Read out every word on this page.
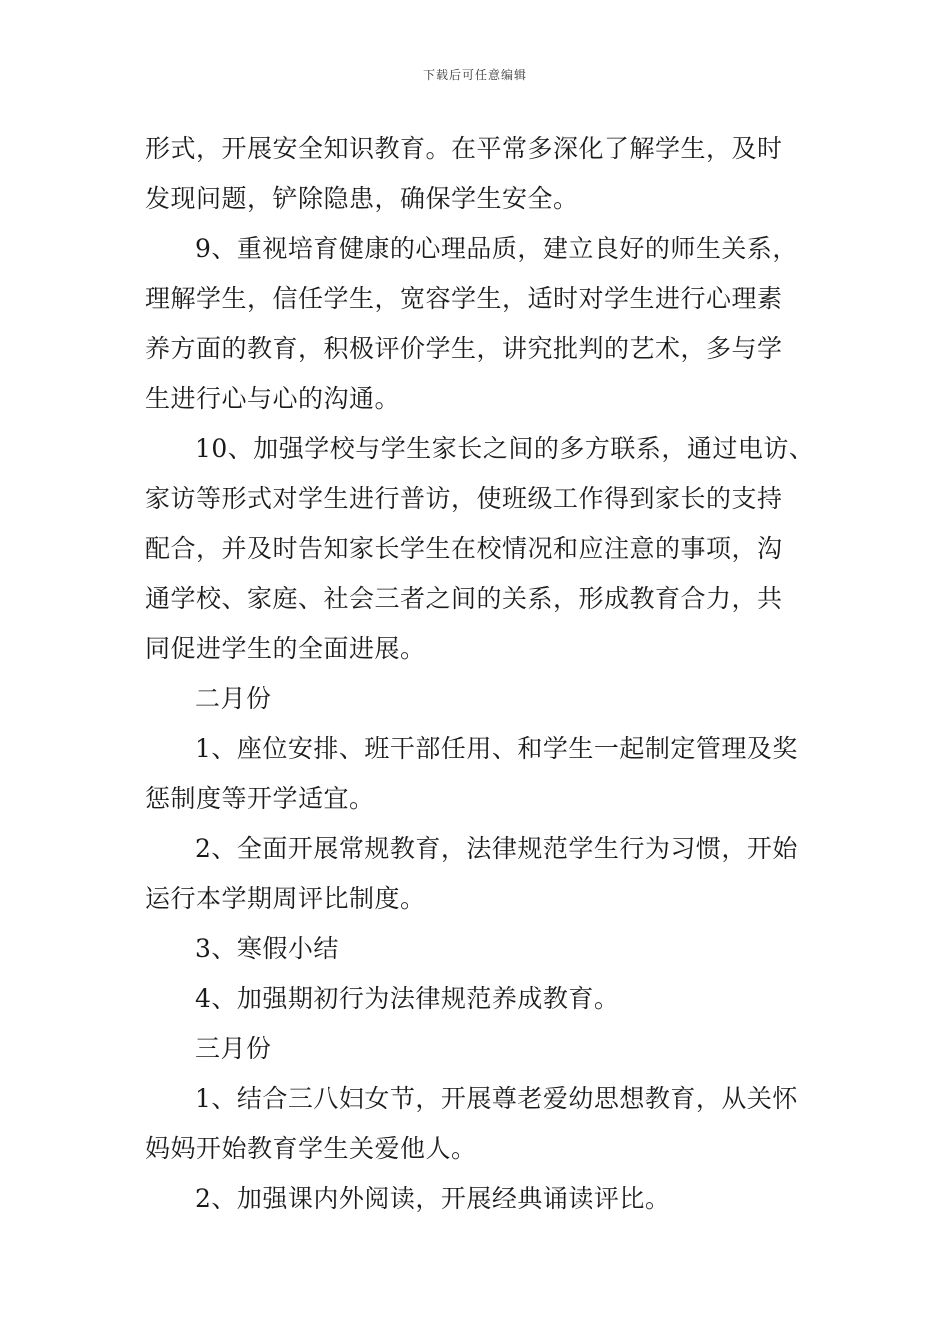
下载后可任意编辑
形式，开展安全知识教育。在平常多深化了解学生，及时
发现问题，铲除隐患，确保学生安全。
9、重视培育健康的心理品质，建立良好的师生关系，
理解学生，信任学生，宽容学生，适时对学生进行心理素
养方面的教育，积极评价学生，讲究批判的艺术，多与学
生进行心与心的沟通。
10、加强学校与学生家长之间的多方联系，通过电访、
家访等形式对学生进行普访，使班级工作得到家长的支持
配合，并及时告知家长学生在校情况和应注意的事项，沟
通学校、家庭、社会三者之间的关系，形成教育合力，共
同促进学生的全面进展。
二月份
1、座位安排、班干部任用、和学生一起制定管理及奖
惩制度等开学适宜。
2、全面开展常规教育，法律规范学生行为习惯，开始
运行本学期周评比制度。
3、寒假小结
4、加强期初行为法律规范养成教育。
三月份
1、结合三八妇女节，开展尊老爱幼思想教育，从关怀
妈妈开始教育学生关爱他人。
2、加强课内外阅读，开展经典诵读评比。
